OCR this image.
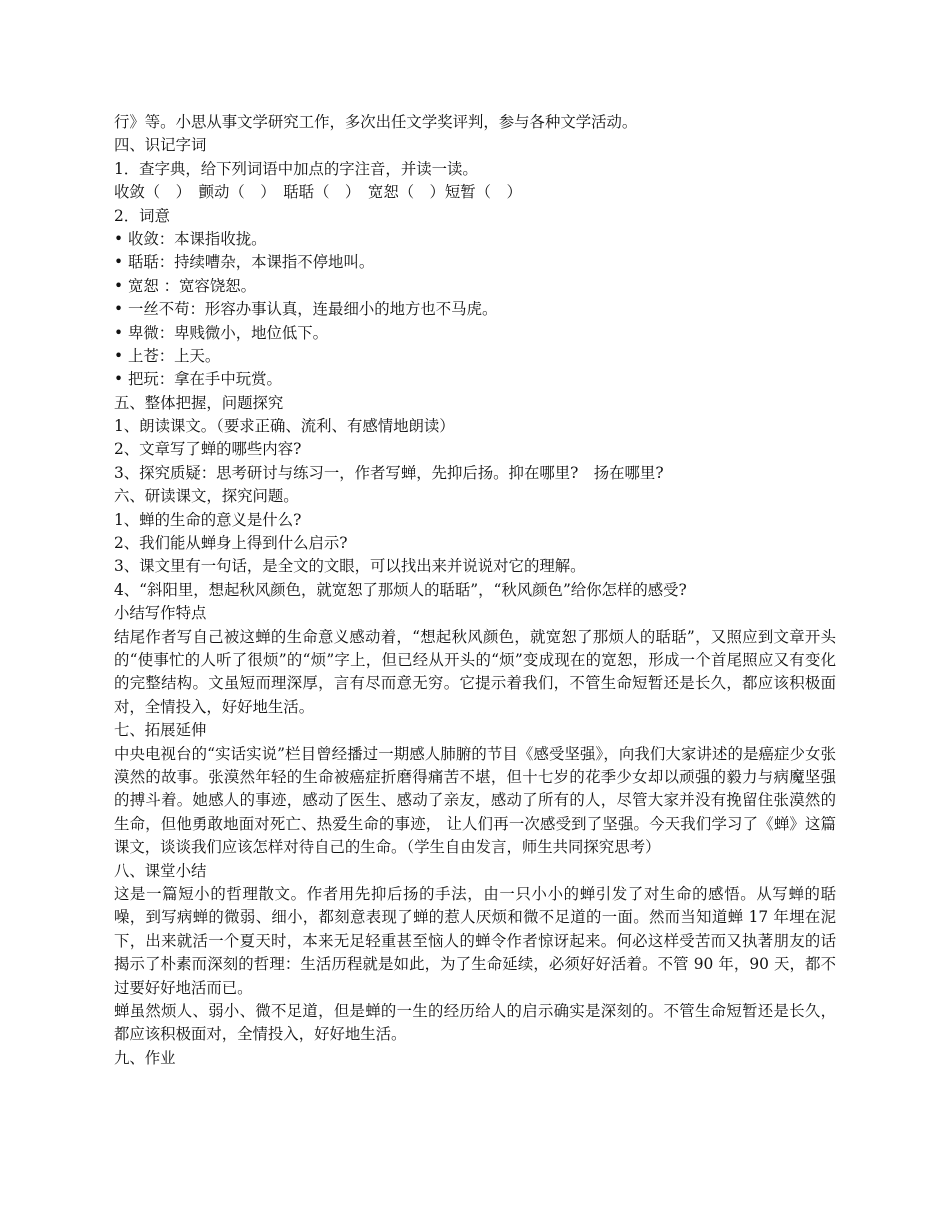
行》等。小思从事文学研究工作，多次出任文学奖评判，参与各种文学活动。
四、识记字词
1．查字典，给下列词语中加点的字注音，并读一读。
收敛（　）　颤动（　）　聒聒（　）　宽恕（　）短暂（　）
2．词意
• 收敛：本课指收拢。
• 聒聒：持续嘈杂，本课指不停地叫。
• 宽恕 ：宽容饶恕。
• 一丝不苟：形容办事认真，连最细小的地方也不马虎。
• 卑微：卑贱微小，地位低下。
• 上苍：上天。
• 把玩：拿在手中玩赏。
五、整体把握，问题探究
1、朗读课文。（要求正确、流利、有感情地朗读）
2、文章写了蝉的哪些内容?
3、探究质疑：思考研讨与练习一，作者写蝉，先抑后扬。抑在哪里?　扬在哪里?
六、研读课文，探究问题。
1、蝉的生命的意义是什么?
2、我们能从蝉身上得到什么启示?
3、课文里有一句话，是全文的文眼，可以找出来并说说对它的理解。
4、“斜阳里，想起秋风颜色，就宽恕了那烦人的聒聒”，“秋风颜色”给你怎样的感受?
小结写作特点
结尾作者写自己被这蝉的生命意义感动着，“想起秋风颜色，就宽恕了那烦人的聒聒”，又照应到文章开头的“使事忙的人听了很烦”的“烦”字上，但已经从开头的“烦”变成现在的宽恕，形成一个首尾照应又有变化的完整结构。文虽短而理深厚，言有尽而意无穷。它提示着我们，不管生命短暂还是长久，都应该积极面对，全情投入，好好地生活。
七、拓展延伸
中央电视台的“实话实说”栏目曾经播过一期感人肺腑的节目《感受坚强》，向我们大家讲述的是癌症少女张漠然的故事。张漠然年轻的生命被癌症折磨得痛苦不堪，但十七岁的花季少女却以顽强的毅力与病魔坚强的搏斗着。她感人的事迹，感动了医生、感动了亲友，感动了所有的人，尽管大家并没有挽留住张漠然的生命，但他勇敢地面对死亡、热爱生命的事迹， 让人们再一次感受到了坚强。今天我们学习了《蝉》这篇课文，谈谈我们应该怎样对待自己的生命。（学生自由发言，师生共同探究思考）
八、课堂小结
这是一篇短小的哲理散文。作者用先抑后扬的手法，由一只小小的蝉引发了对生命的感悟。从写蝉的聒噪，到写病蝉的微弱、细小，都刻意表现了蝉的惹人厌烦和微不足道的一面。然而当知道蝉 17 年埋在泥下，出来就活一个夏天时，本来无足轻重甚至恼人的蝉令作者惊讶起来。何必这样受苦而又执著朋友的话揭示了朴素而深刻的哲理：生活历程就是如此，为了生命延续，必须好好活着。不管 90 年，90 天，都不过要好好地活而已。
蝉虽然烦人、弱小、微不足道，但是蝉的一生的经历给人的启示确实是深刻的。不管生命短暂还是长久，都应该积极面对，全情投入，好好地生活。
九、作业
